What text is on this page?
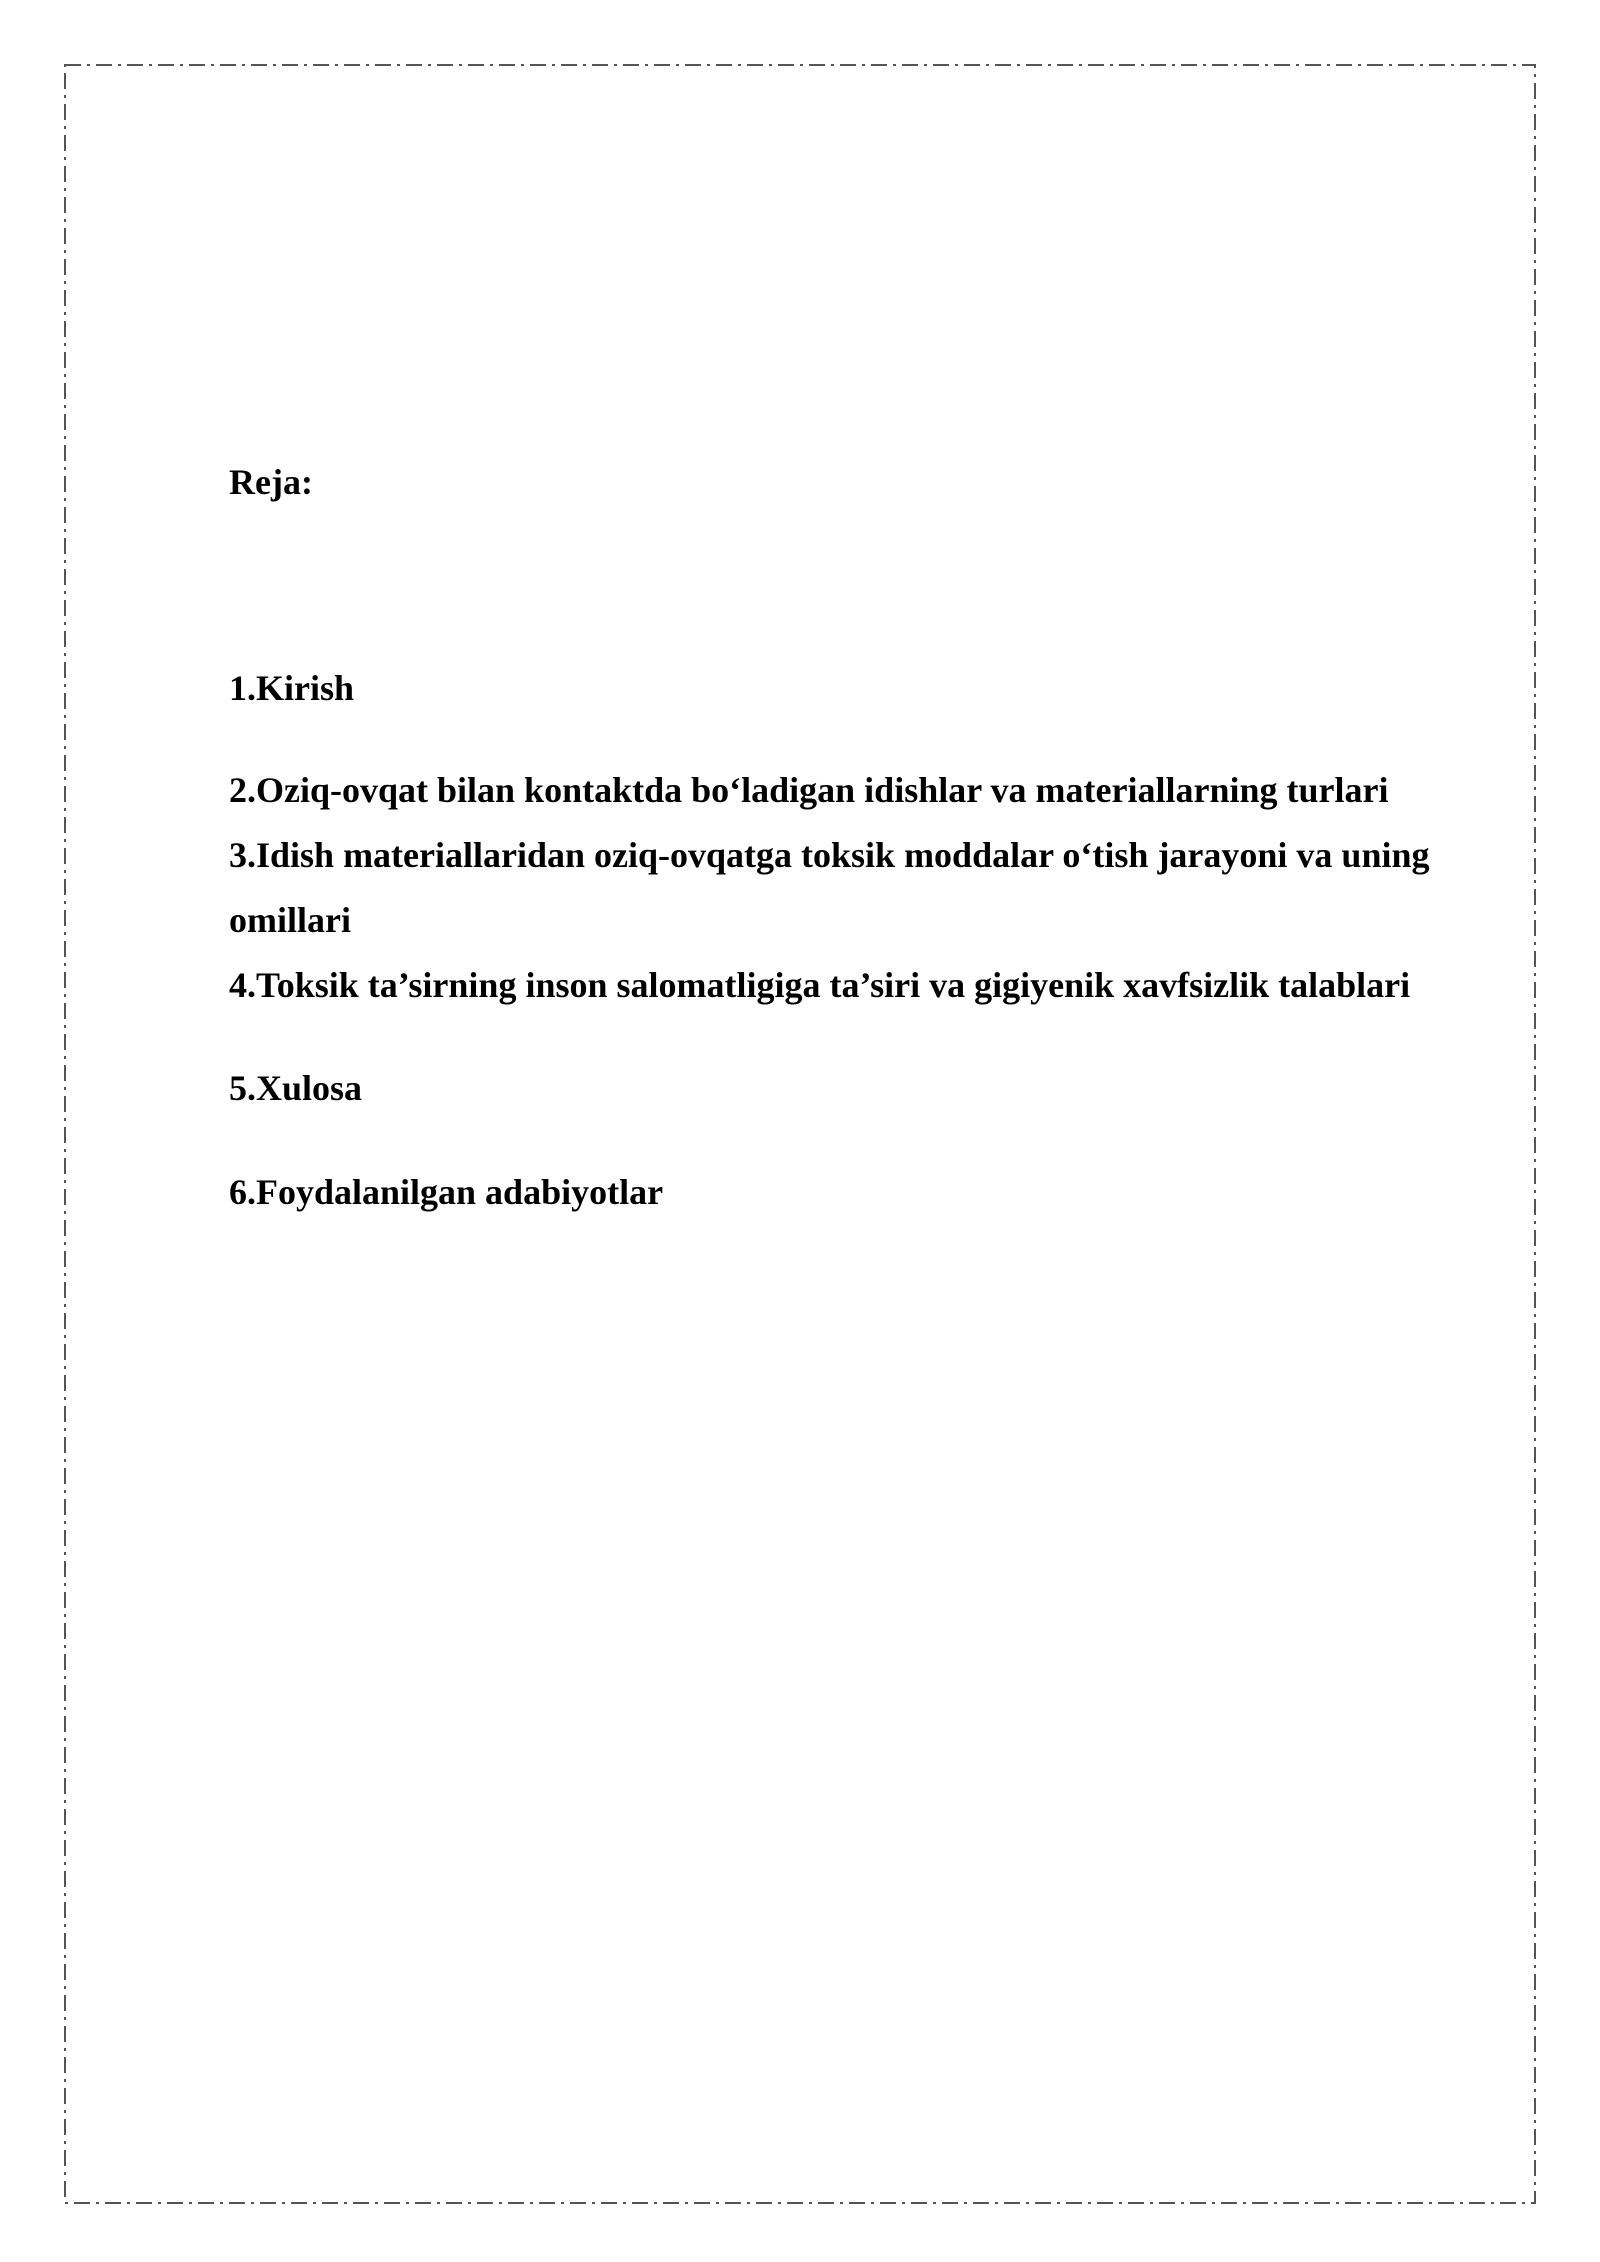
Reja:
1.Kirish
2.Oziq-ovqat bilan kontaktda bo‘ladigan idishlar va materiallarning turlari
3.Idish materiallaridan oziq-ovqatga toksik moddalar o‘tish jarayoni va uning omillari
4.Toksik ta’sirning inson salomatligiga ta’siri va gigiyenik xavfsizlik talablari
5.Xulosa
6.Foydalanilgan adabiyotlar
